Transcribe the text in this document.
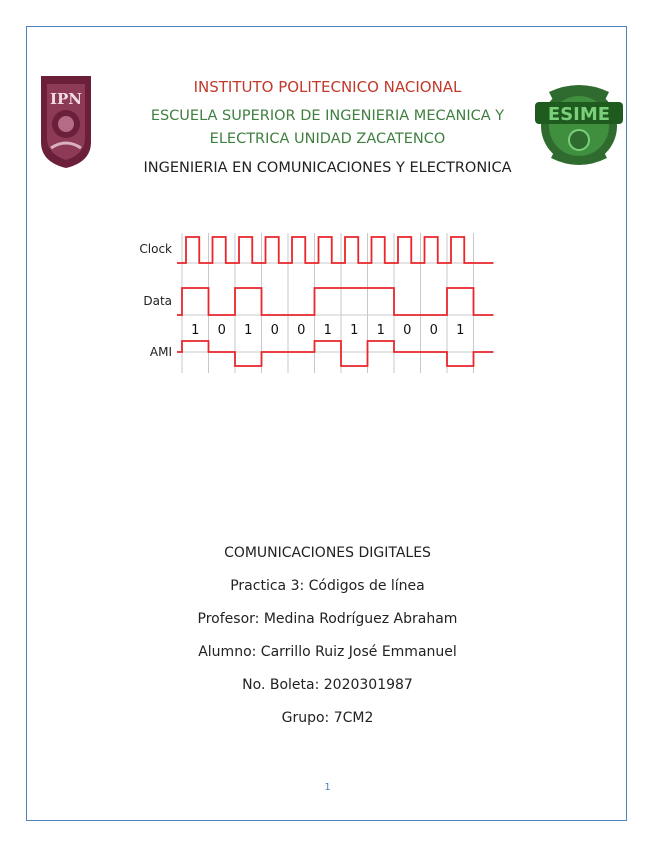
IPN
ESIME
INSTITUTO POLITECNICO NACIONAL
ESCUELA SUPERIOR DE INGENIERIA MECANICA Y
ELECTRICA UNIDAD ZACATENCO
INGENIERIA EN COMUNICACIONES Y ELECTRONICA
Clock
Data
AMI
1 0 1 0 0 1 1 1 0 0 1
COMUNICACIONES DIGITALES
Practica 3: Códigos de línea
Profesor: Medina Rodríguez Abraham
Alumno: Carrillo Ruiz José Emmanuel
No. Boleta: 2020301987
Grupo: 7CM2
1
